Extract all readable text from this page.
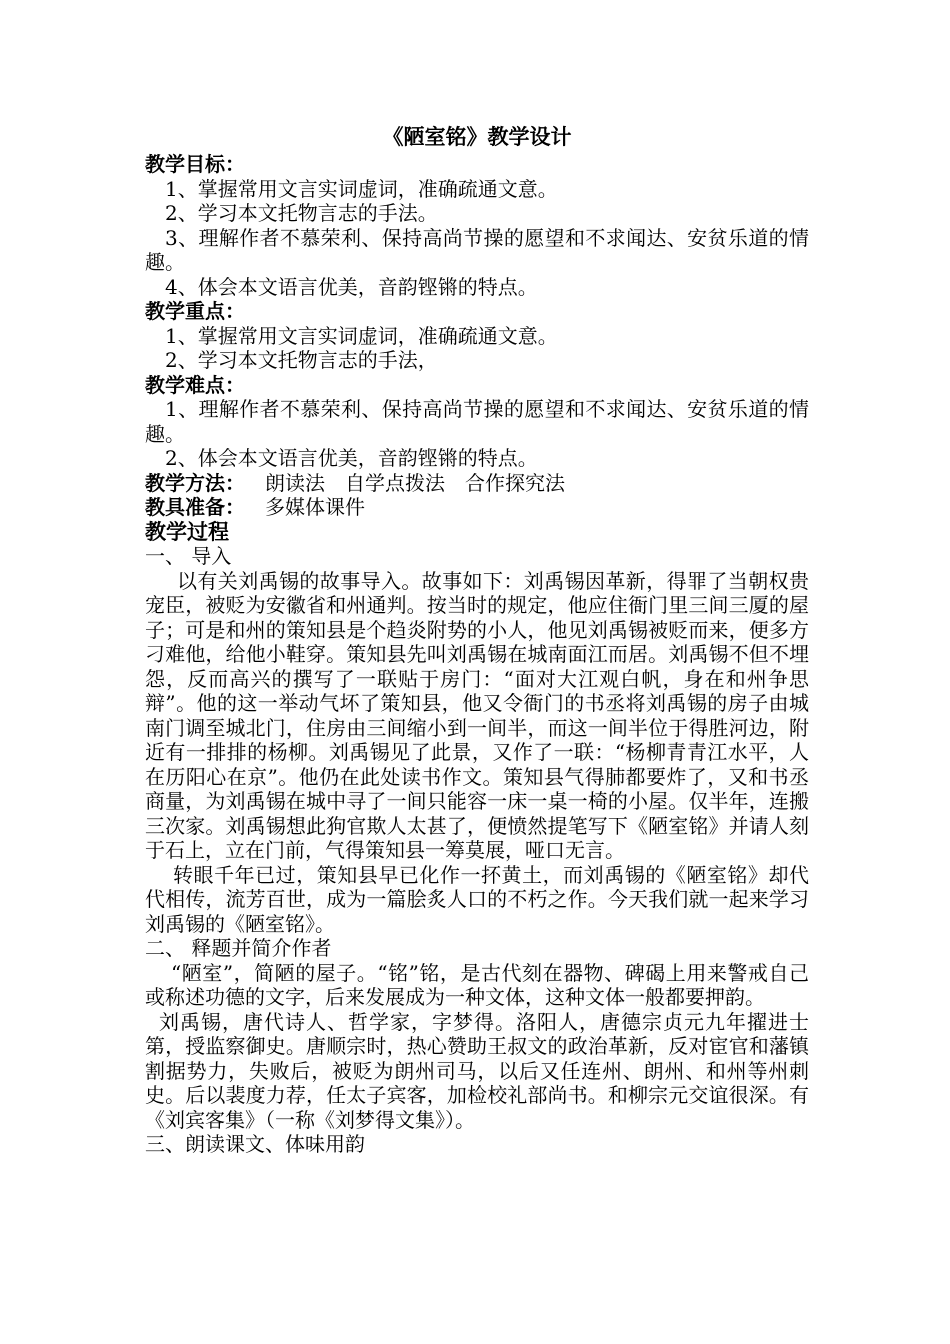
《陋室铭》教学设计

教学目标：

1、掌握常用文言实词虚词，准确疏通文意。

2、学习本文托物言志的手法。

3、理解作者不慕荣利、保持高尚节操的愿望和不求闻达、安贫乐道的情趣。

4、体会本文语言优美，音韵铿锵的特点。

教学重点：

1、掌握常用文言实词虚词，准确疏通文意。

2、学习本文托物言志的手法，

教学难点：

1、理解作者不慕荣利、保持高尚节操的愿望和不求闻达、安贫乐道的情趣。

2、体会本文语言优美，音韵铿锵的特点。

教学方法： 朗读法　自学点拨法　合作探究法

教具准备： 多媒体课件

教学过程

一、 导入

以有关刘禹锡的故事导入。故事如下：刘禹锡因革新，得罪了当朝权贵宠臣，被贬为安徽省和州通判。按当时的规定，他应住衙门里三间三厦的屋子；可是和州的策知县是个趋炎附势的小人，他见刘禹锡被贬而来，便多方刁难他，给他小鞋穿。策知县先叫刘禹锡在城南面江而居。刘禹锡不但不埋怨，反而高兴的撰写了一联贴于房门：“面对大江观白帆，身在和州争思辩”。他的这一举动气坏了策知县，他又令衙门的书丞将刘禹锡的房子由城南门调至城北门，住房由三间缩小到一间半，而这一间半位于得胜河边，附近有一排排的杨柳。刘禹锡见了此景，又作了一联：“杨柳青青江水平，人在历阳心在京”。他仍在此处读书作文。策知县气得肺都要炸了，又和书丞商量，为刘禹锡在城中寻了一间只能容一床一桌一椅的小屋。仅半年，连搬三次家。刘禹锡想此狗官欺人太甚了，便愤然提笔写下《陋室铭》并请人刻于石上，立在门前，气得策知县一筹莫展，哑口无言。

转眼千年已过，策知县早已化作一抔黄土，而刘禹锡的《陋室铭》却代代相传，流芳百世，成为一篇脍炙人口的不朽之作。今天我们就一起来学习刘禹锡的《陋室铭》。

二、 释题并简介作者

“陋室”，简陋的屋子。“铭”铭，是古代刻在器物、碑碣上用来警戒自己或称述功德的文字，后来发展成为一种文体，这种文体一般都要押韵。

刘禹锡，唐代诗人、哲学家，字梦得。洛阳人，唐德宗贞元九年擢进士第，授监察御史。唐顺宗时，热心赞助王叔文的政治革新，反对宦官和藩镇割据势力，失败后，被贬为朗州司马，以后又任连州、朗州、和州等州刺史。后以裴度力荐，任太子宾客，加检校礼部尚书。和柳宗元交谊很深。有《刘宾客集》（一称《刘梦得文集》）。

三、朗读课文、体味用韵
